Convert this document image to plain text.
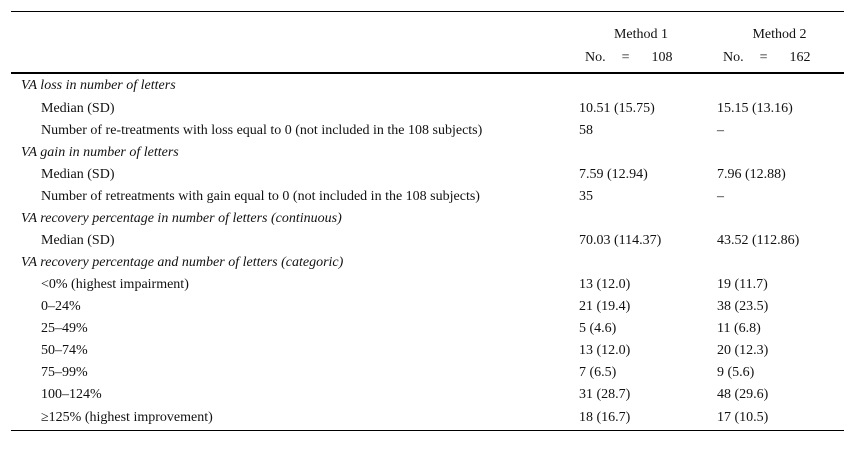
	Method 1	Method 2

	No. = 108	No. = 162

VA loss in number of letters		
Median (SD)	10.51 (15.75)	15.15 (13.16)
Number of re-treatments with loss equal to 0 (not included in the 108 subjects)	58	–
VA gain in number of letters		
Median (SD)	7.59 (12.94)	7.96 (12.88)
Number of retreatments with gain equal to 0 (not included in the 108 subjects)	35	–
VA recovery percentage in number of letters (continuous)		
Median (SD)	70.03 (114.37)	43.52 (112.86)
VA recovery percentage and number of letters (categoric)		
<0% (highest impairment)	13 (12.0)	19 (11.7)
0–24%	21 (19.4)	38 (23.5)
25–49%	5 (4.6)	11 (6.8)
50–74%	13 (12.0)	20 (12.3)
75–99%	7 (6.5)	9 (5.6)
100–124%	31 (28.7)	48 (29.6)
≥125% (highest improvement)	18 (16.7)	17 (10.5)
